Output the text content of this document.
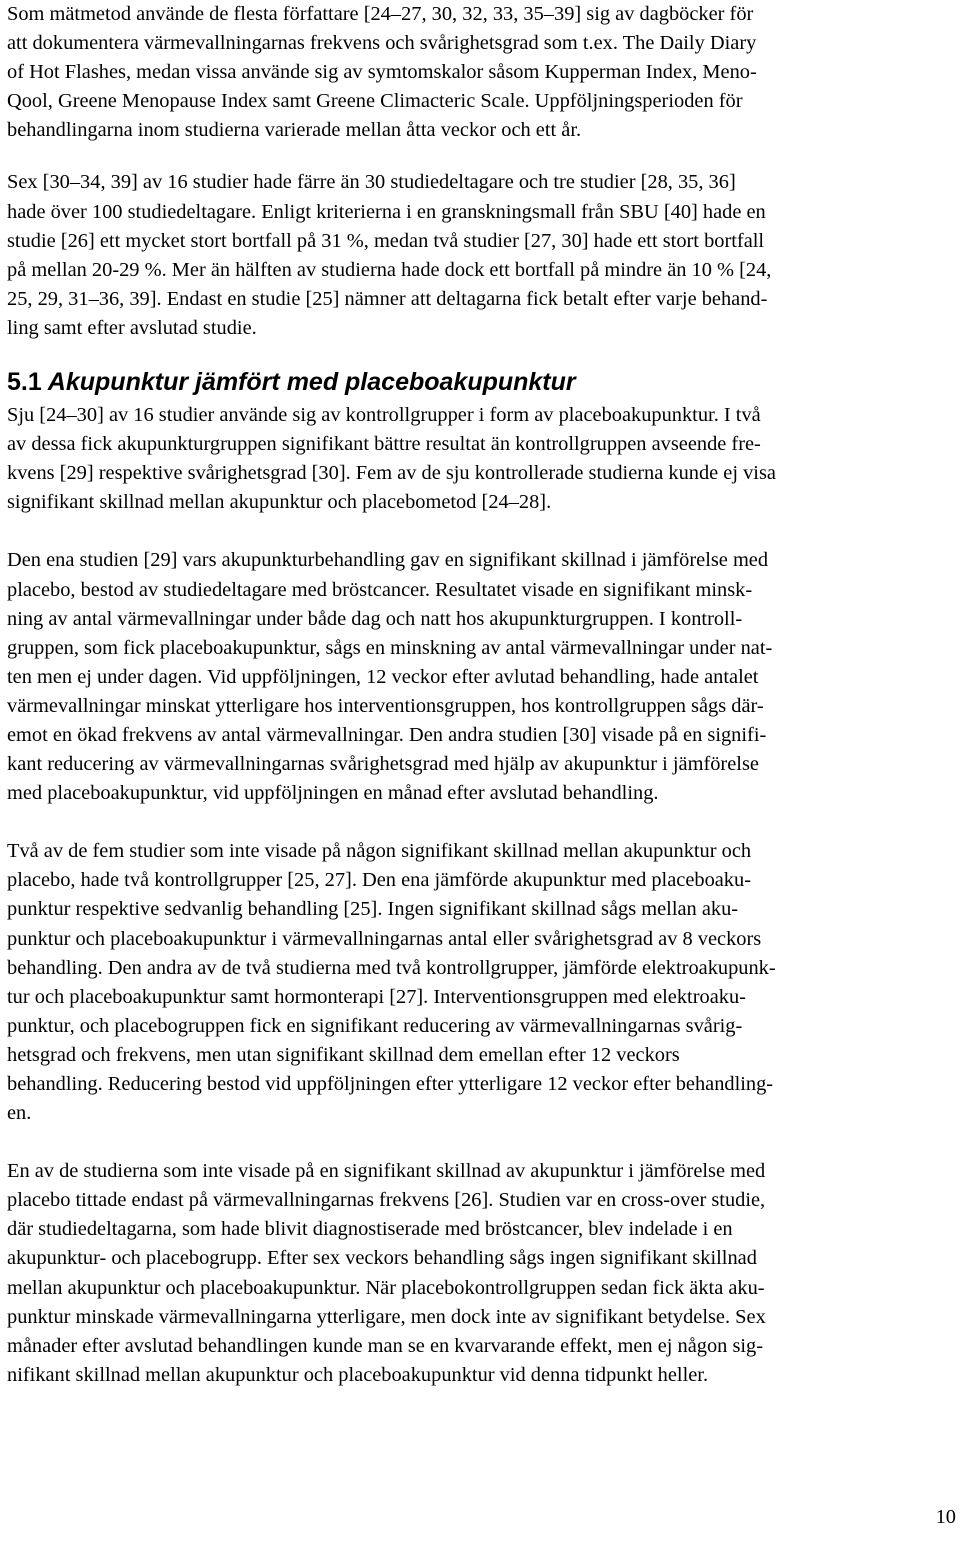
Som mätmetod använde de flesta författare [24–27, 30, 32, 33, 35–39] sig av dagböcker för
att dokumentera värmevallningarnas frekvens och svårighetsgrad som t.ex. The Daily Diary
of Hot Flashes, medan vissa använde sig av symtomskalor såsom Kupperman Index, Meno-
Qool, Greene Menopause Index samt Greene Climacteric Scale. Uppföljningsperioden för
behandlingarna inom studierna varierade mellan åtta veckor och ett år.

Sex [30–34, 39] av 16 studier hade färre än 30 studiedeltagare och tre studier [28, 35, 36]
hade över 100 studiedeltagare. Enligt kriterierna i en granskningsmall från SBU [40] hade en
studie [26] ett mycket stort bortfall på 31 %, medan två studier [27, 30] hade ett stort bortfall
på mellan 20-29 %. Mer än hälften av studierna hade dock ett bortfall på mindre än 10 % [24,
25, 29, 31–36, 39]. Endast en studie [25] nämner att deltagarna fick betalt efter varje behand-
ling samt efter avslutad studie.

5.1 Akupunktur jämfört med placeboakupunktur

Sju [24–30] av 16 studier använde sig av kontrollgrupper i form av placeboakupunktur. I två
av dessa fick akupunkturgruppen signifikant bättre resultat än kontrollgruppen avseende fre-
kvens [29] respektive svårighetsgrad [30]. Fem av de sju kontrollerade studierna kunde ej visa
signifikant skillnad mellan akupunktur och placebometod [24–28].

Den ena studien [29] vars akupunkturbehandling gav en signifikant skillnad i jämförelse med
placebo, bestod av studiedeltagare med bröstcancer. Resultatet visade en signifikant minsk-
ning av antal värmevallningar under både dag och natt hos akupunkturgruppen. I kontroll-
gruppen, som fick placeboakupunktur, sågs en minskning av antal värmevallningar under nat-
ten men ej under dagen. Vid uppföljningen, 12 veckor efter avlutad behandling, hade antalet
värmevallningar minskat ytterligare hos interventionsgruppen, hos kontrollgruppen sågs där-
emot en ökad frekvens av antal värmevallningar. Den andra studien [30] visade på en signifi-
kant reducering av värmevallningarnas svårighetsgrad med hjälp av akupunktur i jämförelse
med placeboakupunktur, vid uppföljningen en månad efter avslutad behandling.

Två av de fem studier som inte visade på någon signifikant skillnad mellan akupunktur och
placebo, hade två kontrollgrupper [25, 27]. Den ena jämförde akupunktur med placeboaku-
punktur respektive sedvanlig behandling [25]. Ingen signifikant skillnad sågs mellan aku-
punktur och placeboakupunktur i värmevallningarnas antal eller svårighetsgrad av 8 veckors
behandling. Den andra av de två studierna med två kontrollgrupper, jämförde elektroakupunk-
tur och placeboakupunktur samt hormonterapi [27]. Interventionsgruppen med elektroaku-
punktur, och placebogruppen fick en signifikant reducering av värmevallningarnas svårig-
hetsgrad och frekvens, men utan signifikant skillnad dem emellan efter 12 veckors
behandling. Reducering bestod vid uppföljningen efter ytterligare 12 veckor efter behandling-
en.

En av de studierna som inte visade på en signifikant skillnad av akupunktur i jämförelse med
placebo tittade endast på värmevallningarnas frekvens [26]. Studien var en cross-over studie,
där studiedeltagarna, som hade blivit diagnostiserade med bröstcancer, blev indelade i en
akupunktur- och placebogrupp. Efter sex veckors behandling sågs ingen signifikant skillnad
mellan akupunktur och placeboakupunktur. När placebokontrollgruppen sedan fick äkta aku-
punktur minskade värmevallningarna ytterligare, men dock inte av signifikant betydelse. Sex
månader efter avslutad behandlingen kunde man se en kvarvarande effekt, men ej någon sig-
nifikant skillnad mellan akupunktur och placeboakupunktur vid denna tidpunkt heller.

10
